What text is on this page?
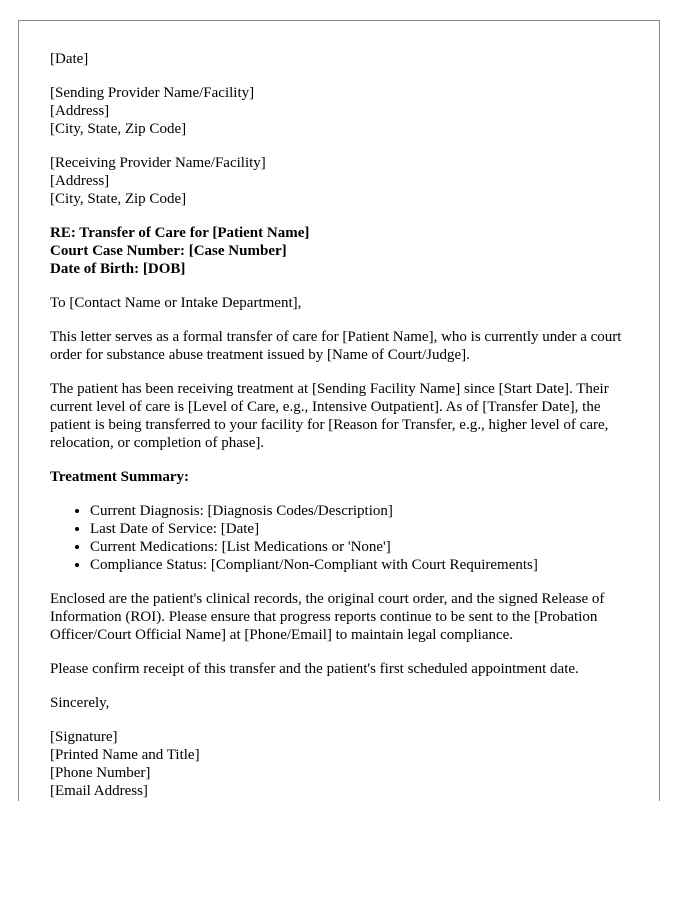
[Date]
[Sending Provider Name/Facility]
[Address]
[City, State, Zip Code]
[Receiving Provider Name/Facility]
[Address]
[City, State, Zip Code]
RE: Transfer of Care for [Patient Name]
Court Case Number: [Case Number]
Date of Birth: [DOB]
To [Contact Name or Intake Department],
This letter serves as a formal transfer of care for [Patient Name], who is currently under a court order for substance abuse treatment issued by [Name of Court/Judge].
The patient has been receiving treatment at [Sending Facility Name] since [Start Date]. Their current level of care is [Level of Care, e.g., Intensive Outpatient]. As of [Transfer Date], the patient is being transferred to your facility for [Reason for Transfer, e.g., higher level of care, relocation, or completion of phase].
Treatment Summary:
• Current Diagnosis: [Diagnosis Codes/Description]
• Last Date of Service: [Date]
• Current Medications: [List Medications or 'None']
• Compliance Status: [Compliant/Non-Compliant with Court Requirements]
Enclosed are the patient's clinical records, the original court order, and the signed Release of Information (ROI). Please ensure that progress reports continue to be sent to the [Probation Officer/Court Official Name] at [Phone/Email] to maintain legal compliance.
Please confirm receipt of this transfer and the patient's first scheduled appointment date.
Sincerely,
[Signature]
[Printed Name and Title]
[Phone Number]
[Email Address]
